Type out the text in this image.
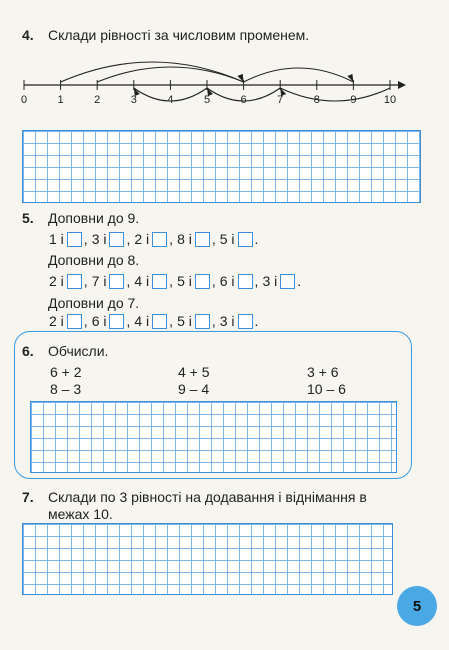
4. Склади рівності за числовим променем.
0	1	2	3	4	5	6	7	8	9 10
5. Доповни до 9.
1 і , 3 і , 2 і , 8 і , 5 і .
Доповни до 8.
2 і , 7 і , 4 і , 5 і , 6 і , 3 і .
Доповни до 7.
2 і , 6 і , 4 і , 5 і , 3 і .
6. Обчисли.
6 + 2	4 + 5	3 + 6
8 – 3	9 – 4	10 – 6
7. Склади по 3 рівності на додавання і віднімання в
межах 10.
5
